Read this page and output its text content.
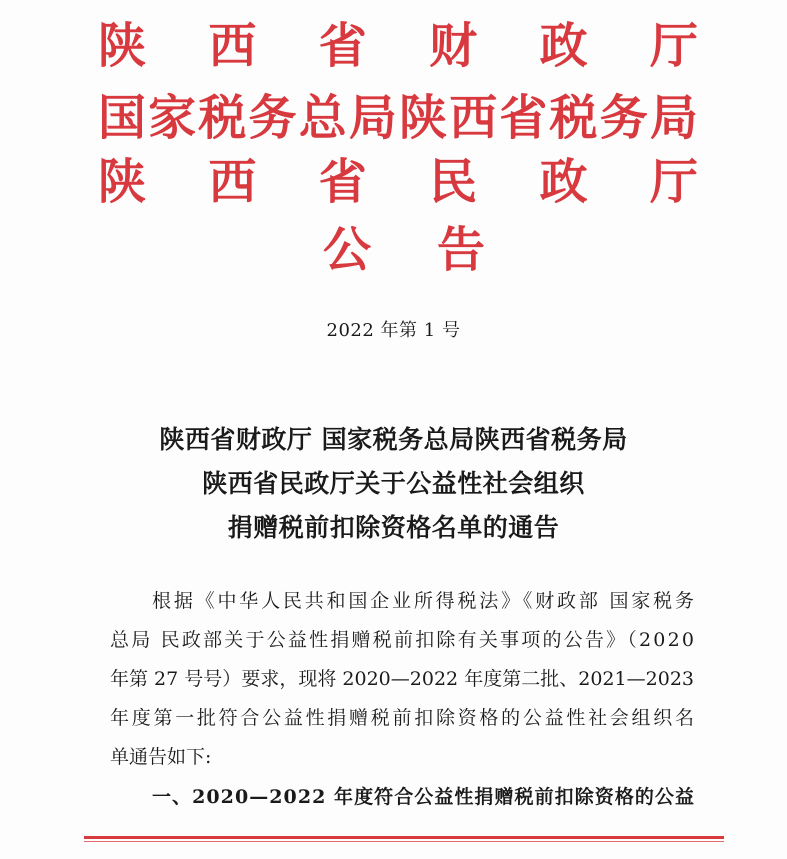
陕 西 省 财 政 厅
国 家 税 务 总 局 陕 西 省 税 务 局
陕 西 省 民 政 厅
公 告
2022 年第 1 号
陕西省财政厅 国家税务总局陕西省税务局
陕西省民政厅关于公益性社会组织
捐赠税前扣除资格名单的通告
根据《中华人民共和国企业所得税法》《财政部 国家税务
总局 民政部关于公益性捐赠税前扣除有关事项的公告》（2020
年第 27 号号）要求，现将 2020—2022 年度第二批、2021—2023
年度第一批符合公益性捐赠税前扣除资格的公益性社会组织名
单通告如下:
一、2020—2022 年度符合公益性捐赠税前扣除资格的公益
